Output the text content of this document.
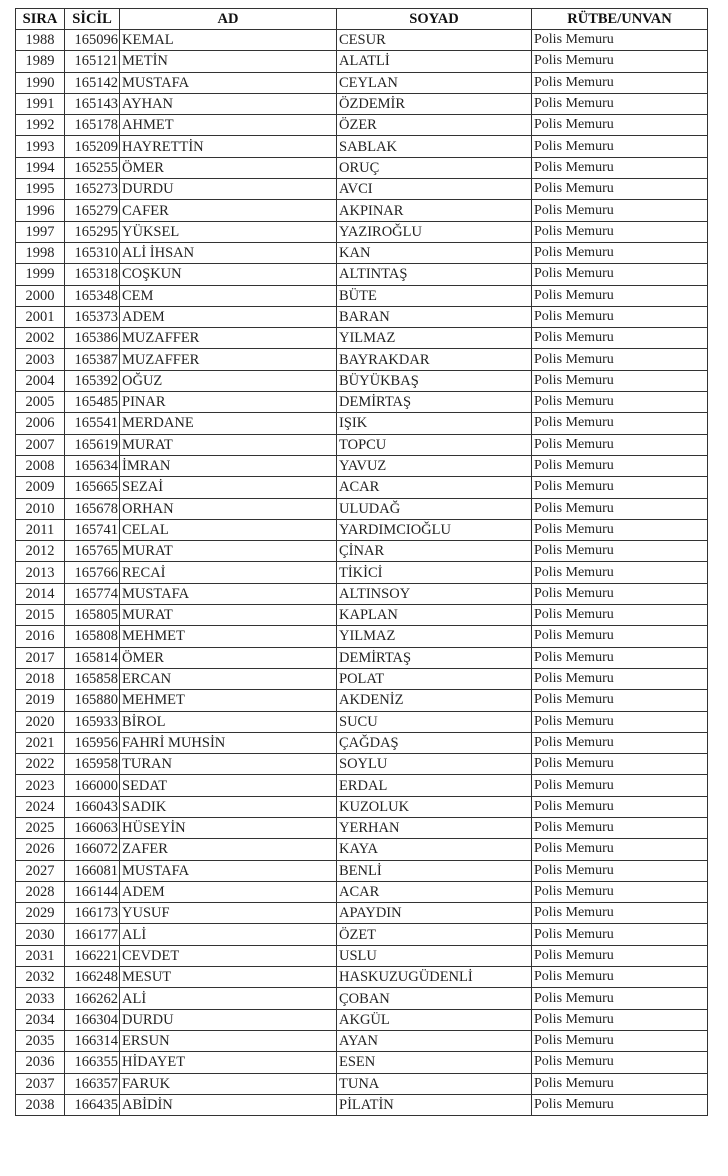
SIRA	SİCİL	AD	SOYAD	RÜTBE/UNVAN
1988	165096	KEMAL	CESUR	Polis Memuru
1989	165121	METİN	ALATLİ	Polis Memuru
1990	165142	MUSTAFA	CEYLAN	Polis Memuru
1991	165143	AYHAN	ÖZDEMİR	Polis Memuru
1992	165178	AHMET	ÖZER	Polis Memuru
1993	165209	HAYRETTİN	SABLAK	Polis Memuru
1994	165255	ÖMER	ORUÇ	Polis Memuru
1995	165273	DURDU	AVCI	Polis Memuru
1996	165279	CAFER	AKPINAR	Polis Memuru
1997	165295	YÜKSEL	YAZIROĞLU	Polis Memuru
1998	165310	ALİ İHSAN	KAN	Polis Memuru
1999	165318	COŞKUN	ALTINTAŞ	Polis Memuru
2000	165348	CEM	BÜTE	Polis Memuru
2001	165373	ADEM	BARAN	Polis Memuru
2002	165386	MUZAFFER	YILMAZ	Polis Memuru
2003	165387	MUZAFFER	BAYRAKDAR	Polis Memuru
2004	165392	OĞUZ	BÜYÜKBAŞ	Polis Memuru
2005	165485	PINAR	DEMİRTAŞ	Polis Memuru
2006	165541	MERDANE	IŞIK	Polis Memuru
2007	165619	MURAT	TOPCU	Polis Memuru
2008	165634	İMRAN	YAVUZ	Polis Memuru
2009	165665	SEZAİ	ACAR	Polis Memuru
2010	165678	ORHAN	ULUDAĞ	Polis Memuru
2011	165741	CELAL	YARDIMCIOĞLU	Polis Memuru
2012	165765	MURAT	ÇİNAR	Polis Memuru
2013	165766	RECAİ	TİKİCİ	Polis Memuru
2014	165774	MUSTAFA	ALTINSOY	Polis Memuru
2015	165805	MURAT	KAPLAN	Polis Memuru
2016	165808	MEHMET	YILMAZ	Polis Memuru
2017	165814	ÖMER	DEMİRTAŞ	Polis Memuru
2018	165858	ERCAN	POLAT	Polis Memuru
2019	165880	MEHMET	AKDENİZ	Polis Memuru
2020	165933	BİROL	SUCU	Polis Memuru
2021	165956	FAHRİ MUHSİN	ÇAĞDAŞ	Polis Memuru
2022	165958	TURAN	SOYLU	Polis Memuru
2023	166000	SEDAT	ERDAL	Polis Memuru
2024	166043	SADIK	KUZOLUK	Polis Memuru
2025	166063	HÜSEYİN	YERHAN	Polis Memuru
2026	166072	ZAFER	KAYA	Polis Memuru
2027	166081	MUSTAFA	BENLİ	Polis Memuru
2028	166144	ADEM	ACAR	Polis Memuru
2029	166173	YUSUF	APAYDIN	Polis Memuru
2030	166177	ALİ	ÖZET	Polis Memuru
2031	166221	CEVDET	USLU	Polis Memuru
2032	166248	MESUT	HASKUZUGÜDENLİ	Polis Memuru
2033	166262	ALİ	ÇOBAN	Polis Memuru
2034	166304	DURDU	AKGÜL	Polis Memuru
2035	166314	ERSUN	AYAN	Polis Memuru
2036	166355	HİDAYET	ESEN	Polis Memuru
2037	166357	FARUK	TUNA	Polis Memuru
2038	166435	ABİDİN	PİLATİN	Polis Memuru
